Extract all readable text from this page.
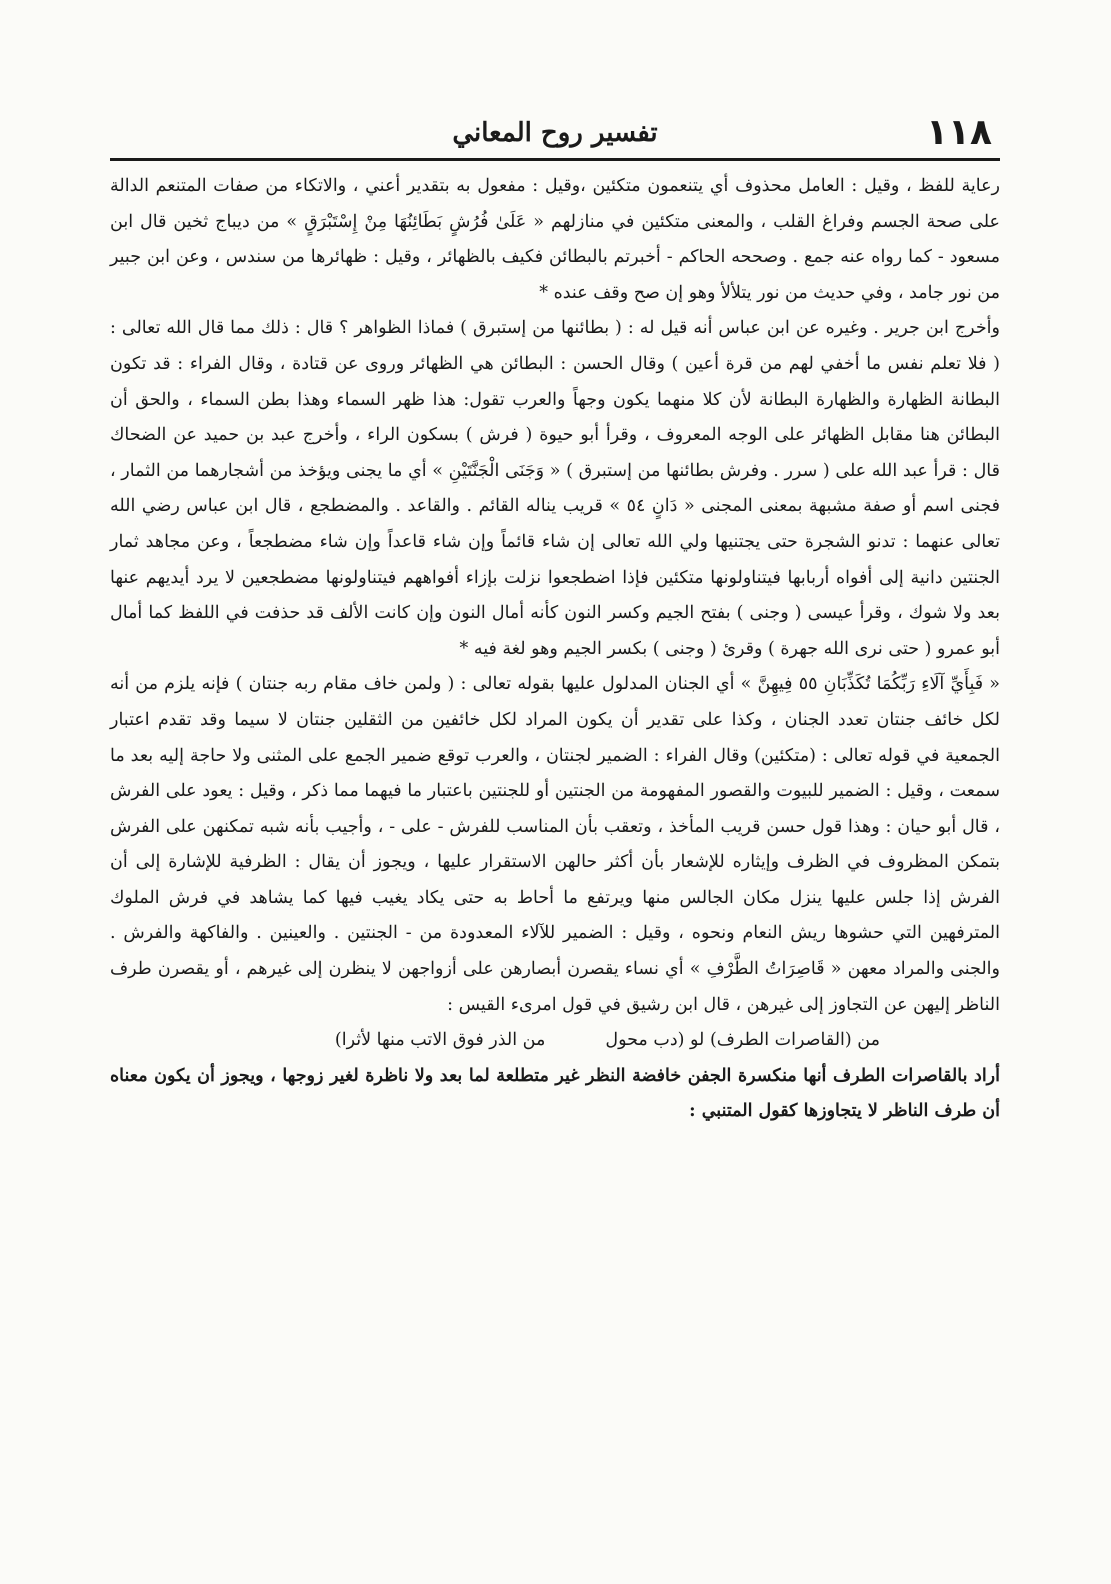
١١٨
تفسير روح المعاني

رعاية للفظ ، وقيل : العامل محذوف أي يتنعمون متكئين ،وقيل : مفعول به بتقدير أعني ، والاتكاء من صفات المتنعم الدالة على صحة الجسم وفراغ القلب ، والمعنى متكئين في منازلهم « عَلَىٰ فُرُشٍ بَطَائِنُهَا مِنْ إِسْتَبْرَقٍ » من ديباج ثخين قال ابن مسعود - كما رواه عنه جمع . وصححه الحاكم - أخبرتم بالبطائن فكيف بالظهائر ، وقيل : ظهائرها من سندس ، وعن ابن جبير من نور جامد ، وفي حديث من نور يتلألأ وهو إن صح وقف عنده *

وأخرج ابن جرير . وغيره عن ابن عباس أنه قيل له : ( بطائنها من إستبرق ) فماذا الظواهر ؟ قال : ذلك مما قال الله تعالى : ( فلا تعلم نفس ما أخفي لهم من قرة أعين ) وقال الحسن : البطائن هي الظهائر وروى عن قتادة ، وقال الفراء : قد تكون البطانة الظهارة والظهارة البطانة لأن كلا منهما يكون وجهاً والعرب تقول: هذا ظهر السماء وهذا بطن السماء ، والحق أن البطائن هنا مقابل الظهائر على الوجه المعروف ، وقرأ أبو حيوة ( فرش ) بسكون الراء ، وأخرج عبد بن حميد عن الضحاك قال : قرأ عبد الله على ( سرر . وفرش بطائنها من إستبرق ) « وَجَنَى الْجَنَّتَيْنِ » أي ما يجنى ويؤخذ من أشجارهما من الثمار ، فجنى اسم أو صفة مشبهة بمعنى المجنى « دَانٍ ٥٤ » قريب يناله القائم . والقاعد . والمضطجع ، قال ابن عباس رضي الله تعالى عنهما : تدنو الشجرة حتى يجتنيها ولي الله تعالى إن شاء قائماً وإن شاء قاعداً وإن شاء مضطجعاً ، وعن مجاهد ثمار الجنتين دانية إلى أفواه أربابها فيتناولونها متكئين فإذا اضطجعوا نزلت بإزاء أفواههم فيتناولونها مضطجعين لا يرد أيديهم عنها بعد ولا شوك ، وقرأ عيسى ( وجنى ) بفتح الجيم وكسر النون كأنه أمال النون وإن كانت الألف قد حذفت في اللفظ كما أمال أبو عمرو ( حتى نرى الله جهرة ) وقرئ ( وجنى ) بكسر الجيم وهو لغة فيه *

« فَبِأَيِّ آلَاءِ رَبِّكُمَا تُكَذِّبَانِ ٥٥ فِيهِنَّ » أي الجنان المدلول عليها بقوله تعالى : ( ولمن خاف مقام ربه جنتان ) فإنه يلزم من أنه لكل خائف جنتان تعدد الجنان ، وكذا على تقدير أن يكون المراد لكل خائفين من الثقلين جنتان لا سيما وقد تقدم اعتبار الجمعية في قوله تعالى : (متكئين) وقال الفراء : الضمير لجنتان ، والعرب توقع ضمير الجمع على المثنى ولا حاجة إليه بعد ما سمعت ، وقيل : الضمير للبيوت والقصور المفهومة من الجنتين أو للجنتين باعتبار ما فيهما مما ذكر ، وقيل : يعود على الفرش ، قال أبو حيان : وهذا قول حسن قريب المأخذ ، وتعقب بأن المناسب للفرش - على - ، وأجيب بأنه شبه تمكنهن على الفرش بتمكن المظروف في الظرف وإيثاره للإشعار بأن أكثر حالهن الاستقرار عليها ، ويجوز أن يقال : الظرفية للإشارة إلى أن الفرش إذا جلس عليها ينزل مكان الجالس منها ويرتفع ما أحاط به حتى يكاد يغيب فيها كما يشاهد في فرش الملوك المترفهين التي حشوها ريش النعام ونحوه ، وقيل : الضمير للآلاء المعدودة من - الجنتين . والعينين . والفاكهة والفرش . والجنى والمراد معهن « قَاصِرَاتُ الطَّرْفِ » أي نساء يقصرن أبصارهن على أزواجهن لا ينظرن إلى غيرهم ، أو يقصرن طرف الناظر إليهن عن التجاوز إلى غيرهن ، قال ابن رشيق في قول امرىء القيس :

من (القاصرات الطرف) لو (دب محولمن الذر فوق الاتب منها لأثرا)

أراد بالقاصرات الطرف أنها منكسرة الجفن خافضة النظر غير متطلعة لما بعد ولا ناظرة لغير زوجها ، ويجوز أن يكون معناه أن طرف الناظر لا يتجاوزها كقول المتنبي :
